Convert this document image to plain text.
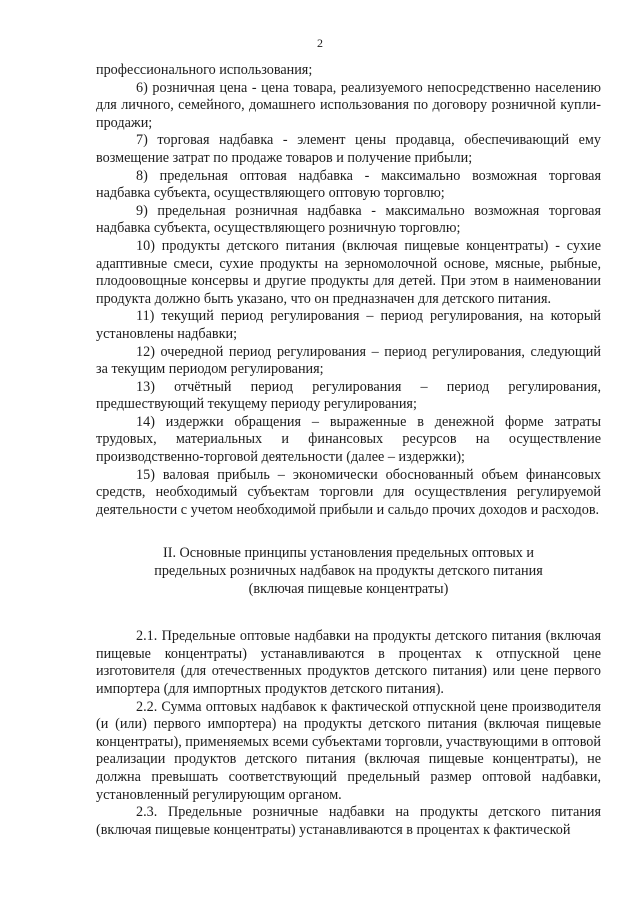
2

профессионального использования;

6) розничная цена - цена товара, реализуемого непосредственно населению для личного, семейного, домашнего использования по договору розничной купли-продажи;

7) торговая надбавка - элемент цены продавца, обеспечивающий ему возмещение затрат по продаже товаров и получение прибыли;

8) предельная оптовая надбавка - максимально возможная торговая надбавка субъекта, осуществляющего оптовую торговлю;

9) предельная розничная надбавка - максимально возможная торговая надбавка субъекта, осуществляющего розничную торговлю;

10) продукты детского питания (включая пищевые концентраты) - сухие адаптивные смеси, сухие продукты на зерномолочной основе, мясные, рыбные, плодоовощные консервы и другие продукты для детей. При этом в наименовании продукта должно быть указано, что он предназначен для детского питания.

11) текущий период регулирования – период регулирования, на который установлены надбавки;

12) очередной период регулирования – период регулирования, следующий за текущим периодом регулирования;

13) отчётный период регулирования – период регулирования, предшествующий текущему периоду регулирования;

14) издержки обращения – выраженные в денежной форме затраты трудовых, материальных и финансовых ресурсов на осуществление производственно-торговой деятельности (далее – издержки);

15) валовая прибыль – экономически обоснованный объем финансовых средств, необходимый субъектам торговли для осуществления регулируемой деятельности с учетом необходимой прибыли и сальдо прочих доходов и расходов.

II. Основные принципы установления предельных оптовых и предельных розничных надбавок на продукты детского питания (включая пищевые концентраты)

2.1. Предельные оптовые надбавки на продукты детского питания (включая пищевые концентраты) устанавливаются в процентах к отпускной цене изготовителя (для отечественных продуктов детского питания) или цене первого импортера (для импортных продуктов детского питания).

2.2. Сумма оптовых надбавок к фактической отпускной цене производителя (и (или) первого импортера) на продукты детского питания (включая пищевые концентраты), применяемых всеми субъектами торговли, участвующими в оптовой реализации продуктов детского питания (включая пищевые концентраты), не должна превышать соответствующий предельный размер оптовой надбавки, установленный регулирующим органом.

2.3. Предельные розничные надбавки на продукты детского питания (включая пищевые концентраты) устанавливаются в процентах к фактической
